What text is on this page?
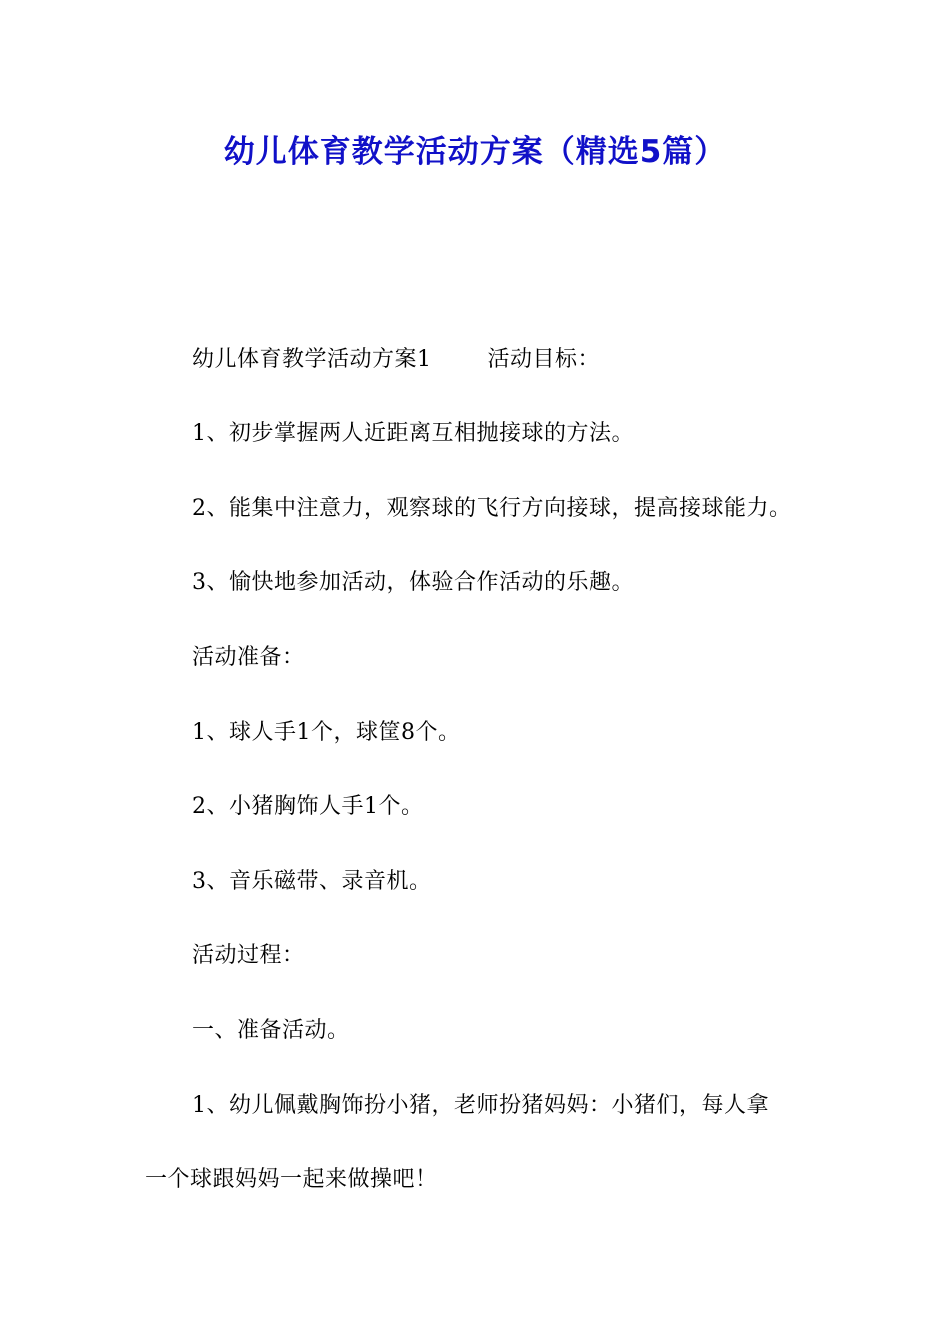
幼儿体育教学活动方案（精选5篇）
幼儿体育教学活动方案1	活动目标：
1、初步掌握两人近距离互相抛接球的方法。
2、能集中注意力，观察球的飞行方向接球，提高接球能力。
3、愉快地参加活动，体验合作活动的乐趣。
活动准备：
1、球人手1个，球筐8个。
2、小猪胸饰人手1个。
3、音乐磁带、录音机。
活动过程：
一、准备活动。
1、幼儿佩戴胸饰扮小猪，老师扮猪妈妈：小猪们，每人拿
一个球跟妈妈一起来做操吧！
